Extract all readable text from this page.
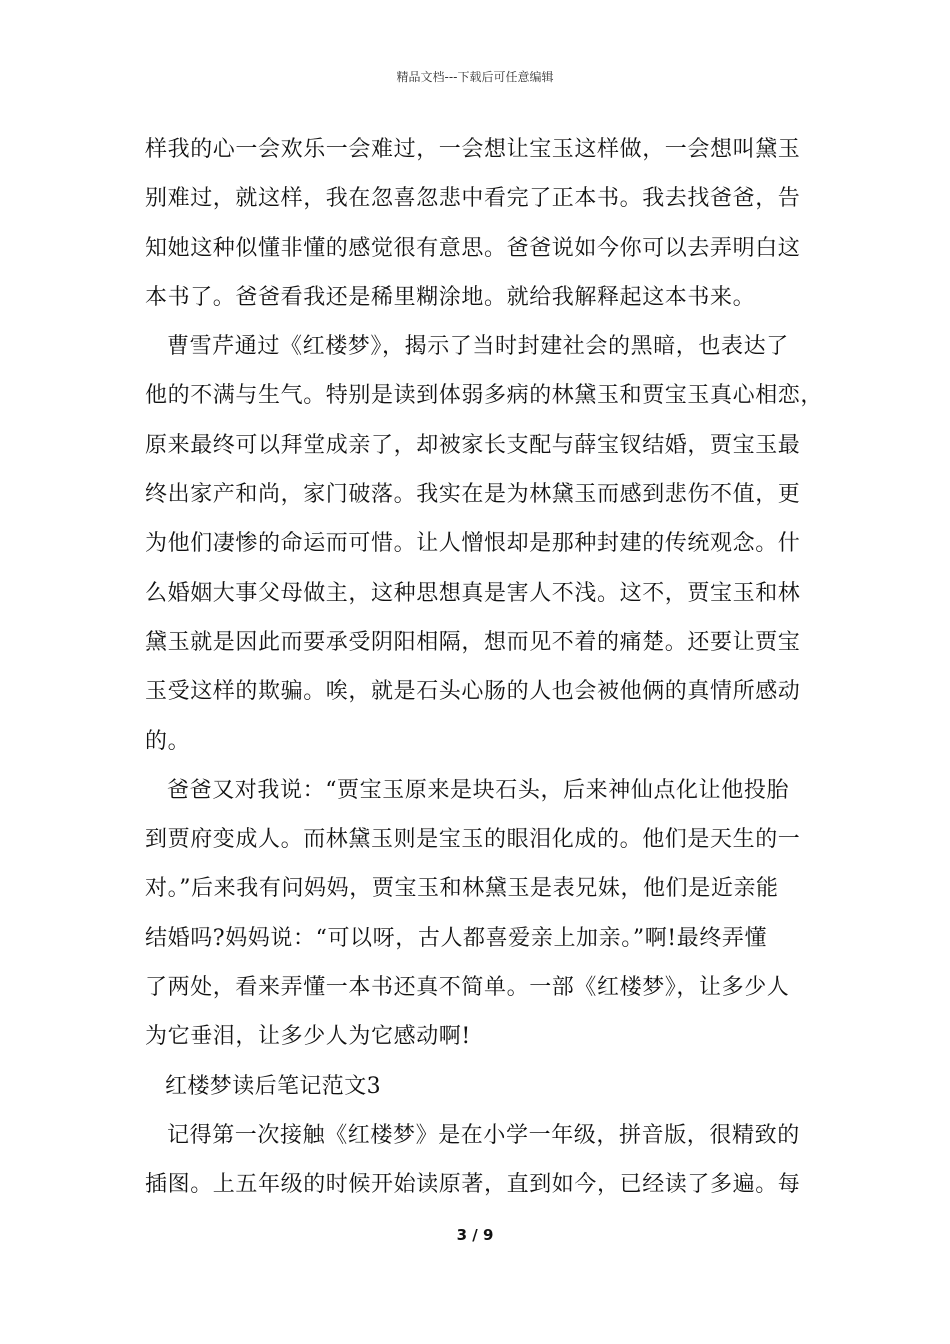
精品文档---下载后可任意编辑
样我的心一会欢乐一会难过，一会想让宝玉这样做，一会想叫黛玉
别难过，就这样，我在忽喜忽悲中看完了正本书。我去找爸爸，告
知她这种似懂非懂的感觉很有意思。爸爸说如今你可以去弄明白这
本书了。爸爸看我还是稀里糊涂地。就给我解释起这本书来。
曹雪芹通过《红楼梦》，揭示了当时封建社会的黑暗，也表达了
他的不满与生气。特别是读到体弱多病的林黛玉和贾宝玉真心相恋，
原来最终可以拜堂成亲了，却被家长支配与薛宝钗结婚，贾宝玉最
终出家产和尚，家门破落。我实在是为林黛玉而感到悲伤不值，更
为他们凄惨的命运而可惜。让人憎恨却是那种封建的传统观念。什
么婚姻大事父母做主，这种思想真是害人不浅。这不，贾宝玉和林
黛玉就是因此而要承受阴阳相隔，想而见不着的痛楚。还要让贾宝
玉受这样的欺骗。唉，就是石头心肠的人也会被他俩的真情所感动
的。
爸爸又对我说：“贾宝玉原来是块石头，后来神仙点化让他投胎
到贾府变成人。而林黛玉则是宝玉的眼泪化成的。他们是天生的一
对。”后来我有问妈妈，贾宝玉和林黛玉是表兄妹，他们是近亲能
结婚吗?妈妈说：“可以呀，古人都喜爱亲上加亲。”啊!最终弄懂
了两处，看来弄懂一本书还真不简单。一部《红楼梦》，让多少人
为它垂泪，让多少人为它感动啊!
红楼梦读后笔记范文3
记得第一次接触《红楼梦》是在小学一年级，拼音版，很精致的
插图。上五年级的时候开始读原著，直到如今，已经读了多遍。每
3 / 9
